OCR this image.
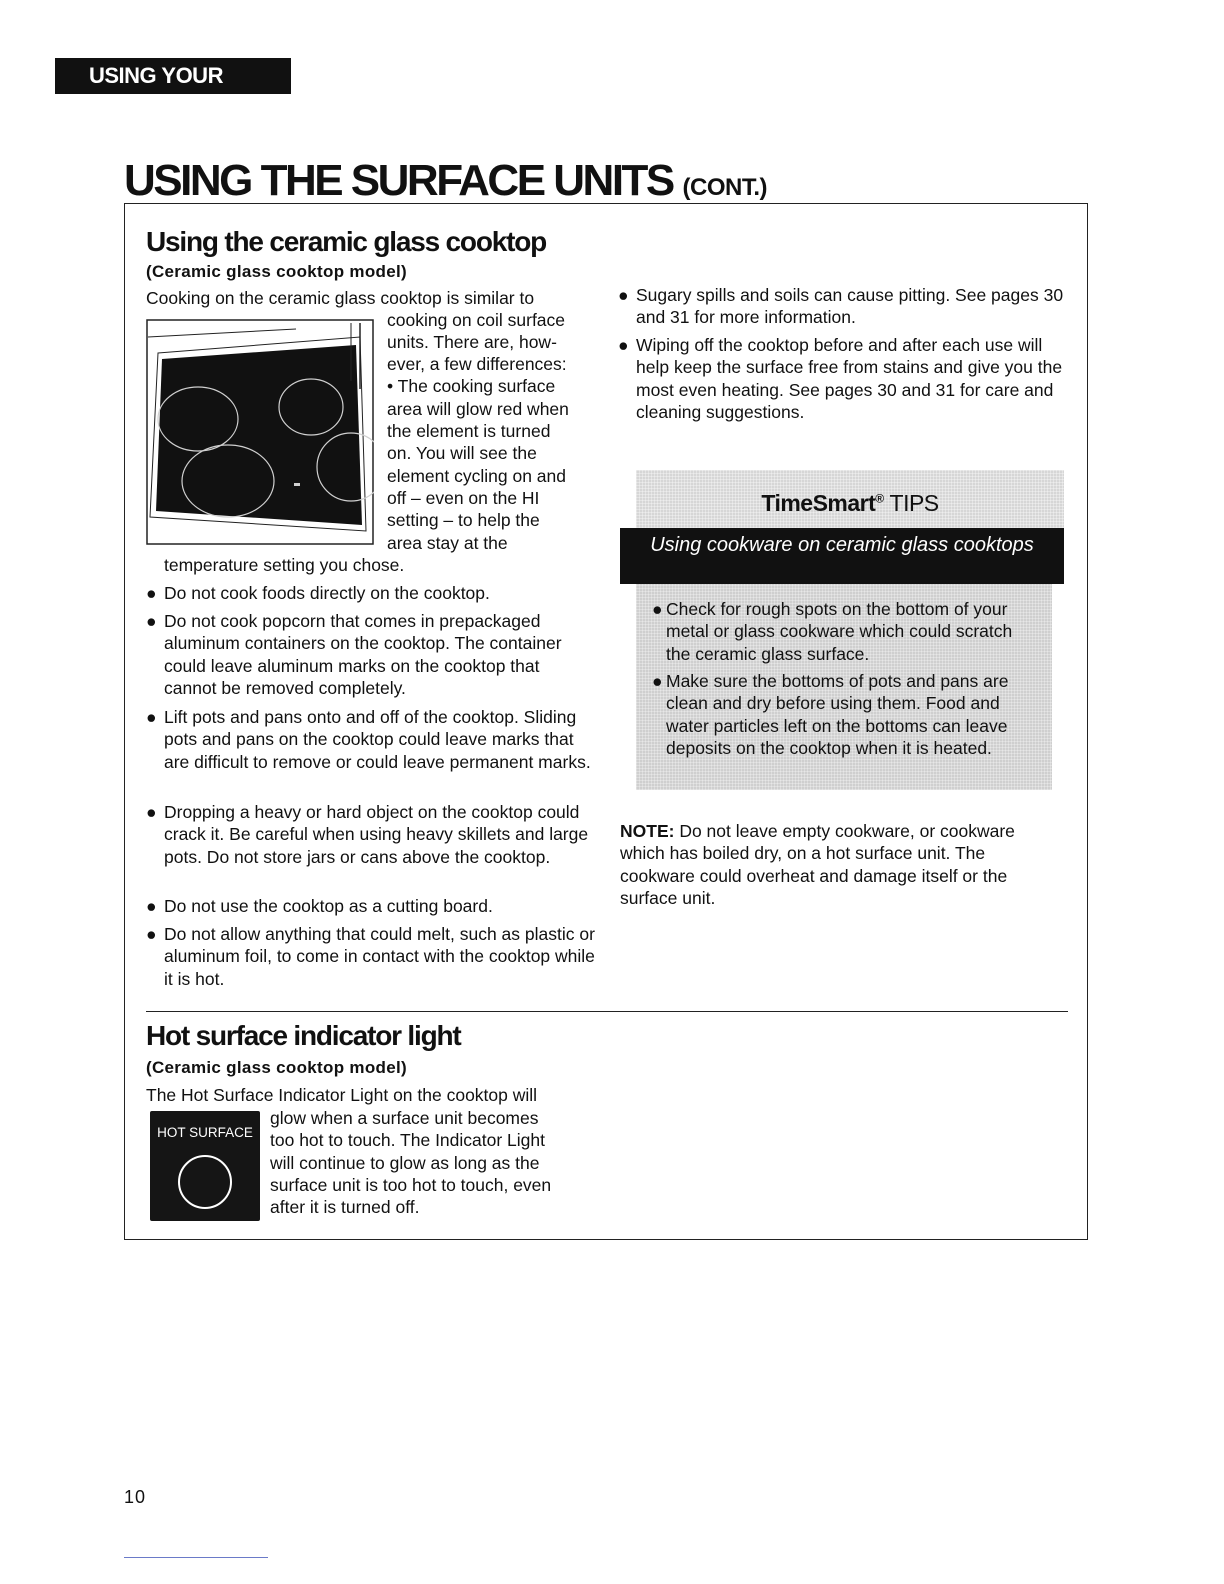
USING YOUR RANGE
USING THE SURFACE UNITS (CONT.)
Using the ceramic glass cooktop
(Ceramic glass cooktop model)
Cooking on the ceramic glass cooktop is similar to
cooking on coil surface
units. There are, how-
ever, a few differences:
• The cooking surface
area will glow red when
the element is turned
on. You will see the
element cycling on and
off – even on the HI
setting – to help the
area stay at the
temperature setting you chose.
● Do not cook foods directly on the cooktop.
● Do not cook popcorn that comes in prepackaged aluminum containers on the cooktop. The container could leave aluminum marks on the cooktop that cannot be removed completely.
● Lift pots and pans onto and off of the cooktop. Sliding pots and pans on the cooktop could leave marks that are difficult to remove or could leave permanent marks.
● Dropping a heavy or hard object on the cooktop could crack it. Be careful when using heavy skillets and large pots. Do not store jars or cans above the cooktop.
● Do not use the cooktop as a cutting board.
● Do not allow anything that could melt, such as plastic or aluminum foil, to come in contact with the cooktop while it is hot.
● Sugary spills and soils can cause pitting. See pages 30 and 31 for more information.
● Wiping off the cooktop before and after each use will help keep the surface free from stains and give you the most even heating. See pages 30 and 31 for care and cleaning suggestions.
TimeSmart® TIPS
Using cookware on ceramic glass cooktops
● Check for rough spots on the bottom of your metal or glass cookware which could scratch the ceramic glass surface.
● Make sure the bottoms of pots and pans are clean and dry before using them. Food and water particles left on the bottoms can leave deposits on the cooktop when it is heated.
NOTE: Do not leave empty cookware, or cookware which has boiled dry, on a hot surface unit. The cookware could overheat and damage itself or the surface unit.
Hot surface indicator light
(Ceramic glass cooktop model)
The Hot Surface Indicator Light on the cooktop will
HOT SURFACE
glow when a surface unit becomes
too hot to touch. The Indicator Light
will continue to glow as long as the
surface unit is too hot to touch, even
after it is turned off.
10
